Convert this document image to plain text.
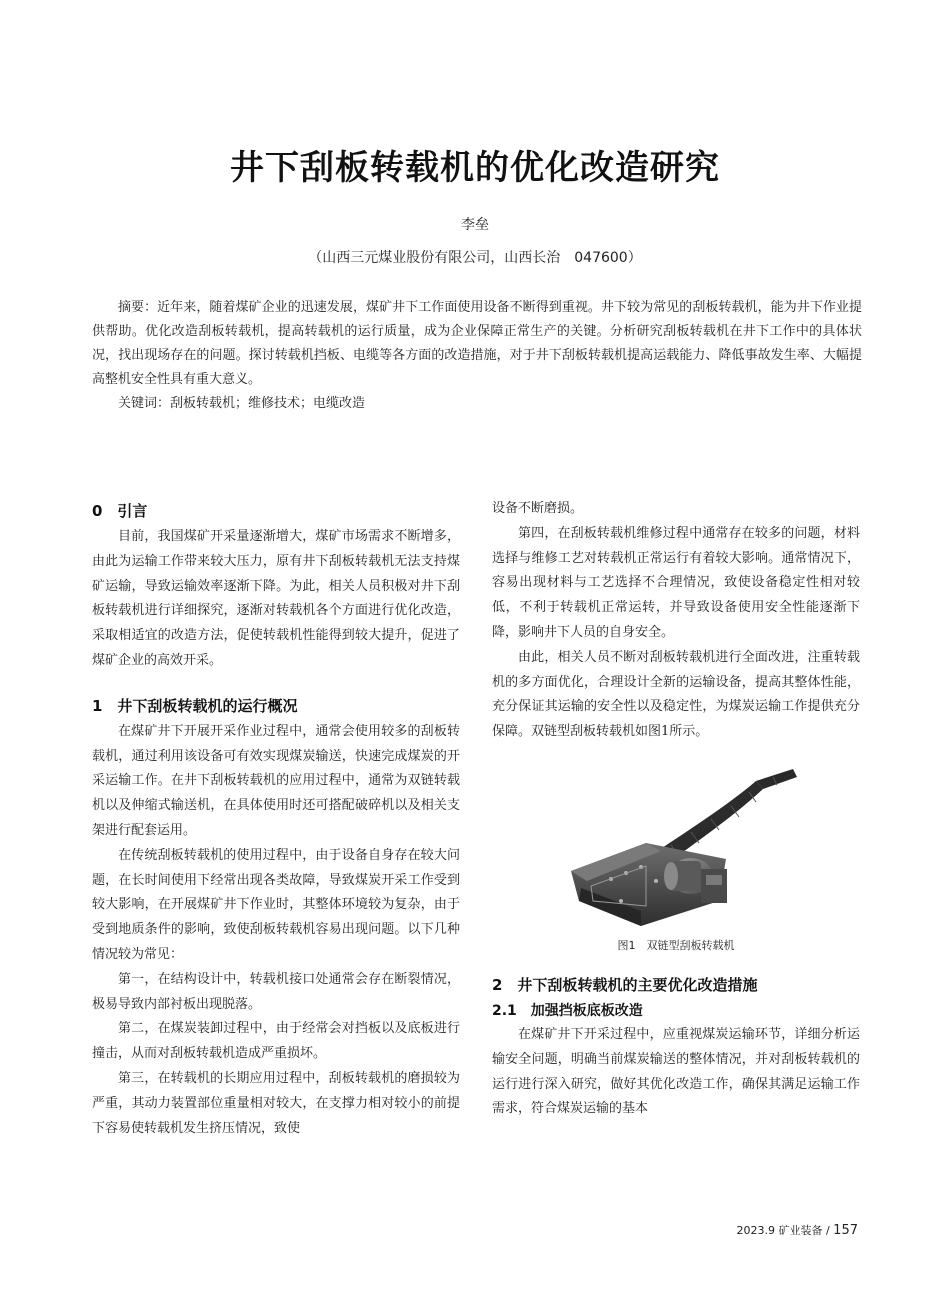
井下刮板转载机的优化改造研究
李垒
（山西三元煤业股份有限公司，山西长治　047600）

摘要：近年来，随着煤矿企业的迅速发展，煤矿井下工作面使用设备不断得到重视。井下较为常见的刮板转载机，能为井下作业提供帮助。优化改造刮板转载机，提高转载机的运行质量，成为企业保障正常生产的关键。分析研究刮板转载机在井下工作中的具体状况，找出现场存在的问题。探讨转载机挡板、电缆等各方面的改造措施，对于井下刮板转载机提高运载能力、降低事故发生率、大幅提高整机安全性具有重大意义。

关键词：刮板转载机；维修技术；电缆改造

0　引言

目前，我国煤矿开采量逐渐增大，煤矿市场需求不断增多，由此为运输工作带来较大压力，原有井下刮板转载机无法支持煤矿运输，导致运输效率逐渐下降。为此，相关人员积极对井下刮板转载机进行详细探究，逐渐对转载机各个方面进行优化改造，采取相适宜的改造方法，促使转载机性能得到较大提升，促进了煤矿企业的高效开采。

1　井下刮板转载机的运行概况

在煤矿井下开展开采作业过程中，通常会使用较多的刮板转载机，通过利用该设备可有效实现煤炭输送，快速完成煤炭的开采运输工作。在井下刮板转载机的应用过程中，通常为双链转载机以及伸缩式输送机，在具体使用时还可搭配破碎机以及相关支架进行配套运用。

在传统刮板转载机的使用过程中，由于设备自身存在较大问题，在长时间使用下经常出现各类故障，导致煤炭开采工作受到较大影响，在开展煤矿井下作业时，其整体环境较为复杂，由于受到地质条件的影响，致使刮板转载机容易出现问题。以下几种情况较为常见：

第一，在结构设计中，转载机接口处通常会存在断裂情况，极易导致内部衬板出现脱落。

第二，在煤炭装卸过程中，由于经常会对挡板以及底板进行撞击，从而对刮板转载机造成严重损坏。

第三，在转载机的长期应用过程中，刮板转载机的磨损较为严重，其动力装置部位重量相对较大，在支撑力相对较小的前提下容易使转载机发生挤压情况，致使

设备不断磨损。

第四，在刮板转载机维修过程中通常存在较多的问题，材料选择与维修工艺对转载机正常运行有着较大影响。通常情况下，容易出现材料与工艺选择不合理情况，致使设备稳定性相对较低，不利于转载机正常运转，并导致设备使用安全性能逐渐下降，影响井下人员的自身安全。

由此，相关人员不断对刮板转载机进行全面改进，注重转载机的多方面优化，合理设计全新的运输设备，提高其整体性能，充分保证其运输的安全性以及稳定性，为煤炭运输工作提供充分保障。双链型刮板转载机如图1所示。

图1　双链型刮板转载机
2　井下刮板转载机的主要优化改造措施
2.1　加强挡板底板改造

在煤矿井下开采过程中，应重视煤炭运输环节，详细分析运输安全问题，明确当前煤炭输送的整体情况，并对刮板转载机的运行进行深入研究，做好其优化改造工作，确保其满足运输工作需求，符合煤炭运输的基本

2023.9 矿业装备 / 157
